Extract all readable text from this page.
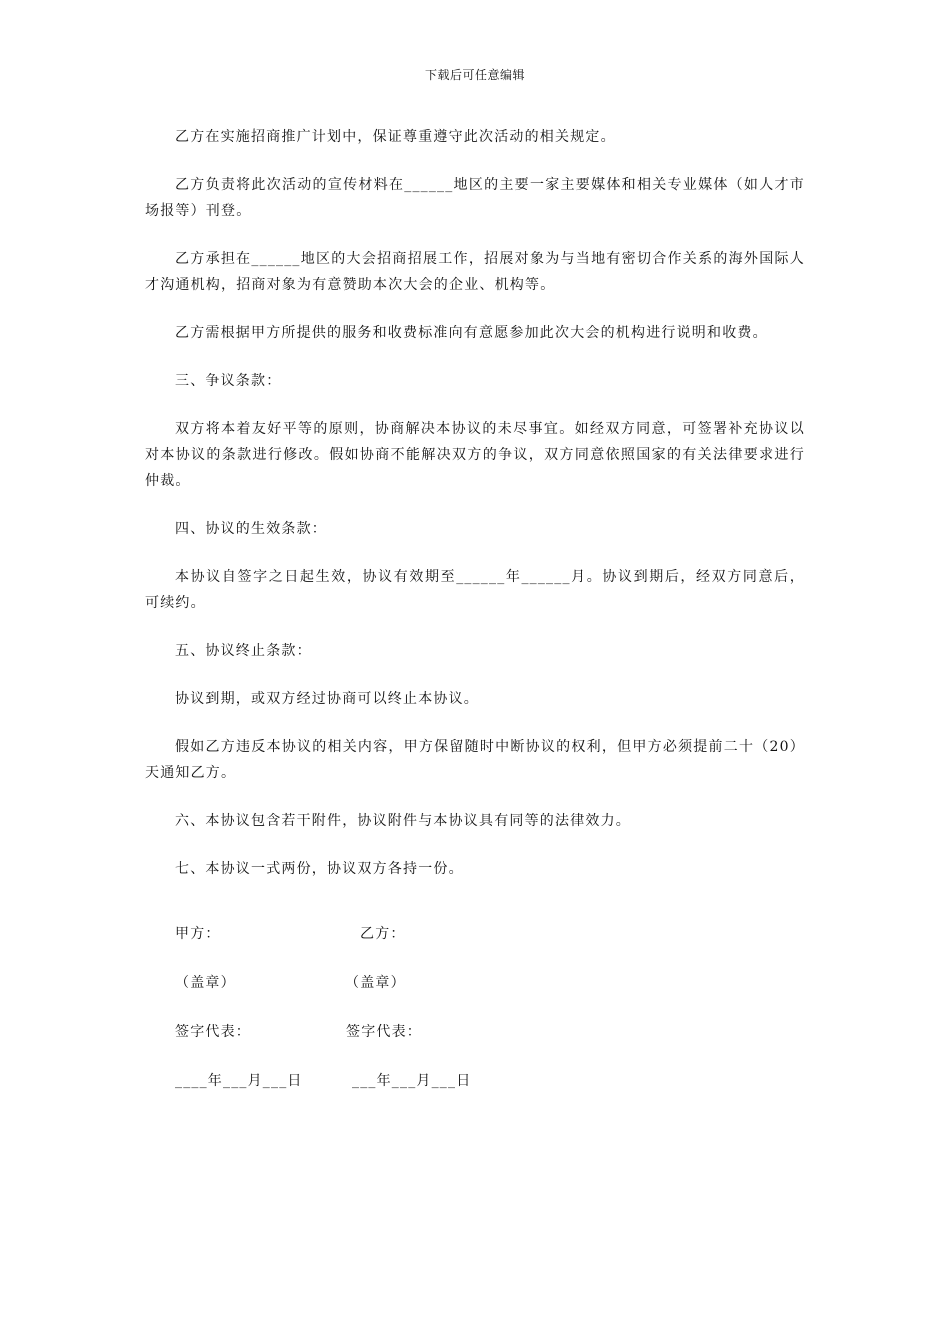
下载后可任意编辑

乙方在实施招商推广计划中，保证尊重遵守此次活动的相关规定。

乙方负责将此次活动的宣传材料在______地区的主要一家主要媒体和相关专业媒体（如人才市场报等）刊登。

乙方承担在______地区的大会招商招展工作，招展对象为与当地有密切合作关系的海外国际人才沟通机构，招商对象为有意赞助本次大会的企业、机构等。

乙方需根据甲方所提供的服务和收费标准向有意愿参加此次大会的机构进行说明和收费。

三、争议条款：

双方将本着友好平等的原则，协商解决本协议的未尽事宜。如经双方同意，可签署补充协议以对本协议的条款进行修改。假如协商不能解决双方的争议，双方同意依照国家的有关法律要求进行仲裁。

四、协议的生效条款：

本协议自签字之日起生效，协议有效期至______年______月。协议到期后，经双方同意后，可续约。

五、协议终止条款：

协议到期，或双方经过协商可以终止本协议。

假如乙方违反本协议的相关内容，甲方保留随时中断协议的权利，但甲方必须提前二十（20）天通知乙方。

六、本协议包含若干附件，协议附件与本协议具有同等的法律效力。

七、本协议一式两份，协议双方各持一份。

甲方：	乙方：
（盖章）	（盖章）
签字代表：	签字代表：
____年___月___日	___年___月___日
